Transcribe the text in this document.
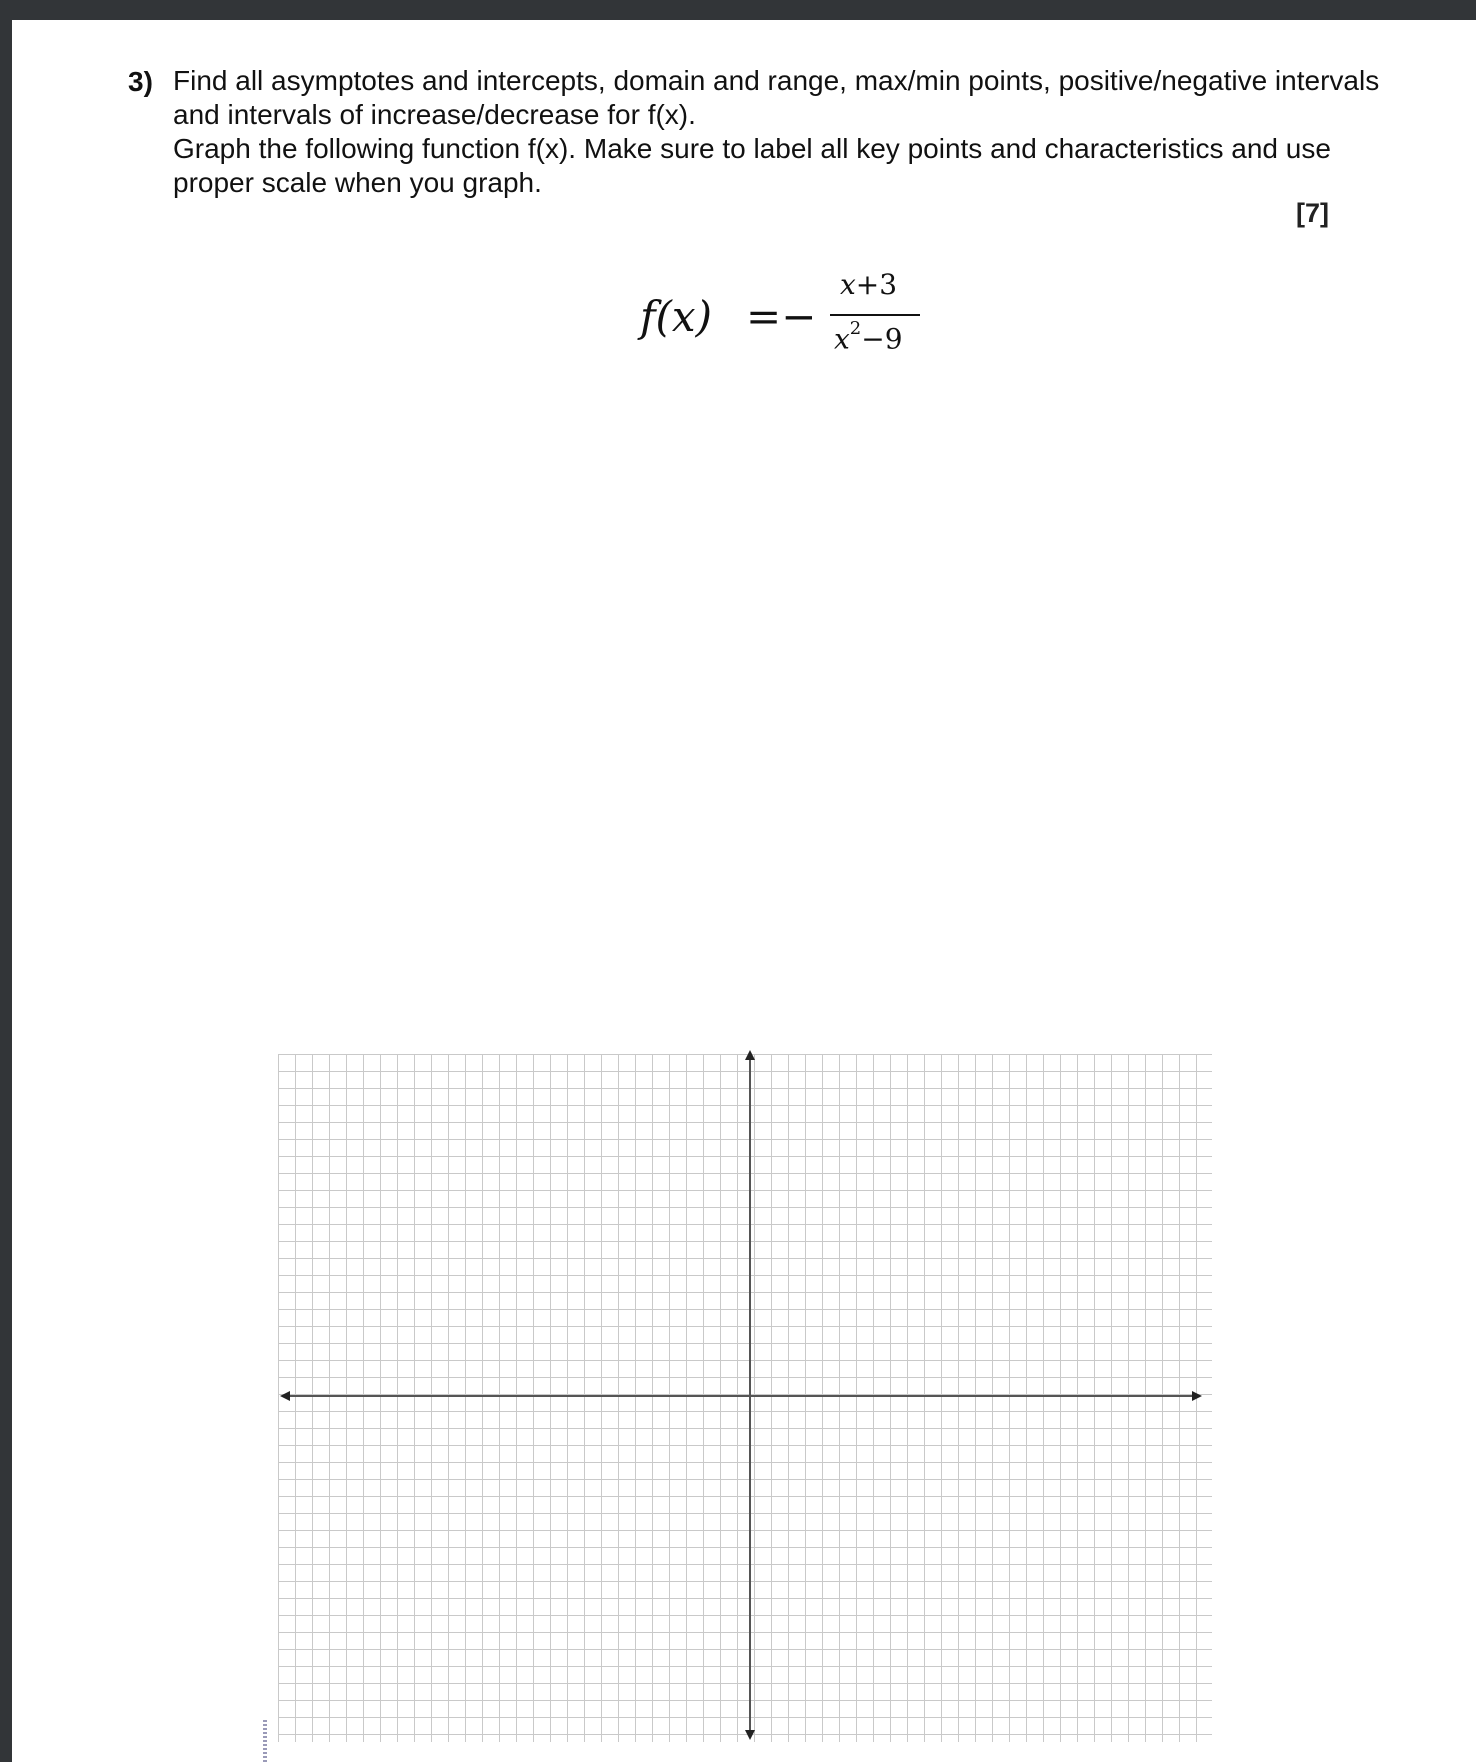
3) Find all asymptotes and intercepts, domain and range, max/min points, positive/negative intervals
and intervals of increase/decrease for f(x).
Graph the following function f(x). Make sure to label all key points and characteristics and use
proper scale when you graph.
[7]
f(x) =−
x+3
$x^2-9$
